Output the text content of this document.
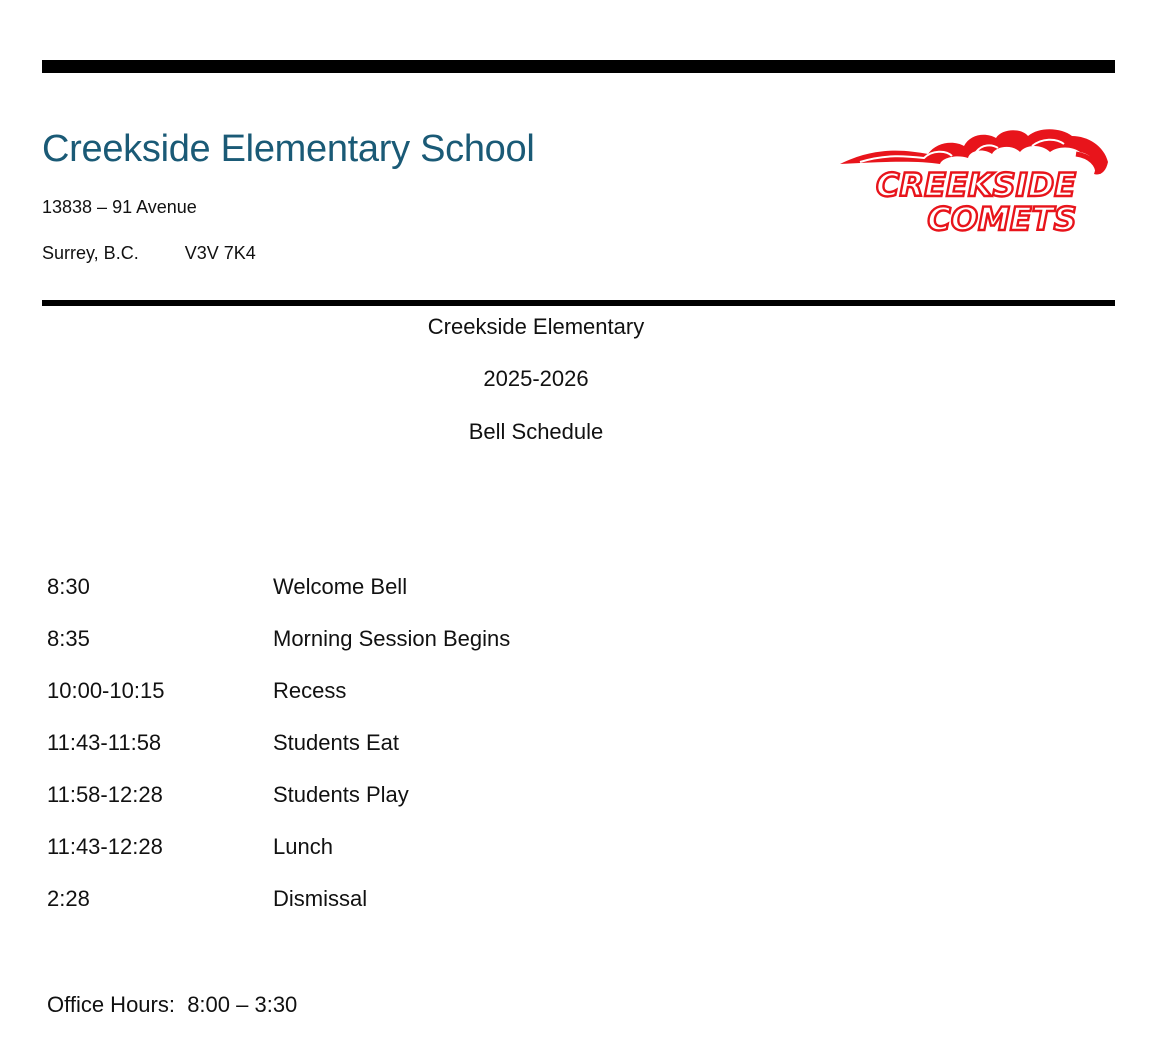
Creekside Elementary School
13838 – 91 Avenue
Surrey, B.C.	V3V 7K4
CREEKSIDE
COMETS
Creekside Elementary
2025-2026
Bell Schedule
8:30	Welcome Bell
8:35	Morning Session Begins
10:00-10:15	Recess
11:43-11:58	Students Eat
11:58-12:28	Students Play
11:43-12:28	Lunch
2:28	Dismissal
Office Hours:  8:00 – 3:30
